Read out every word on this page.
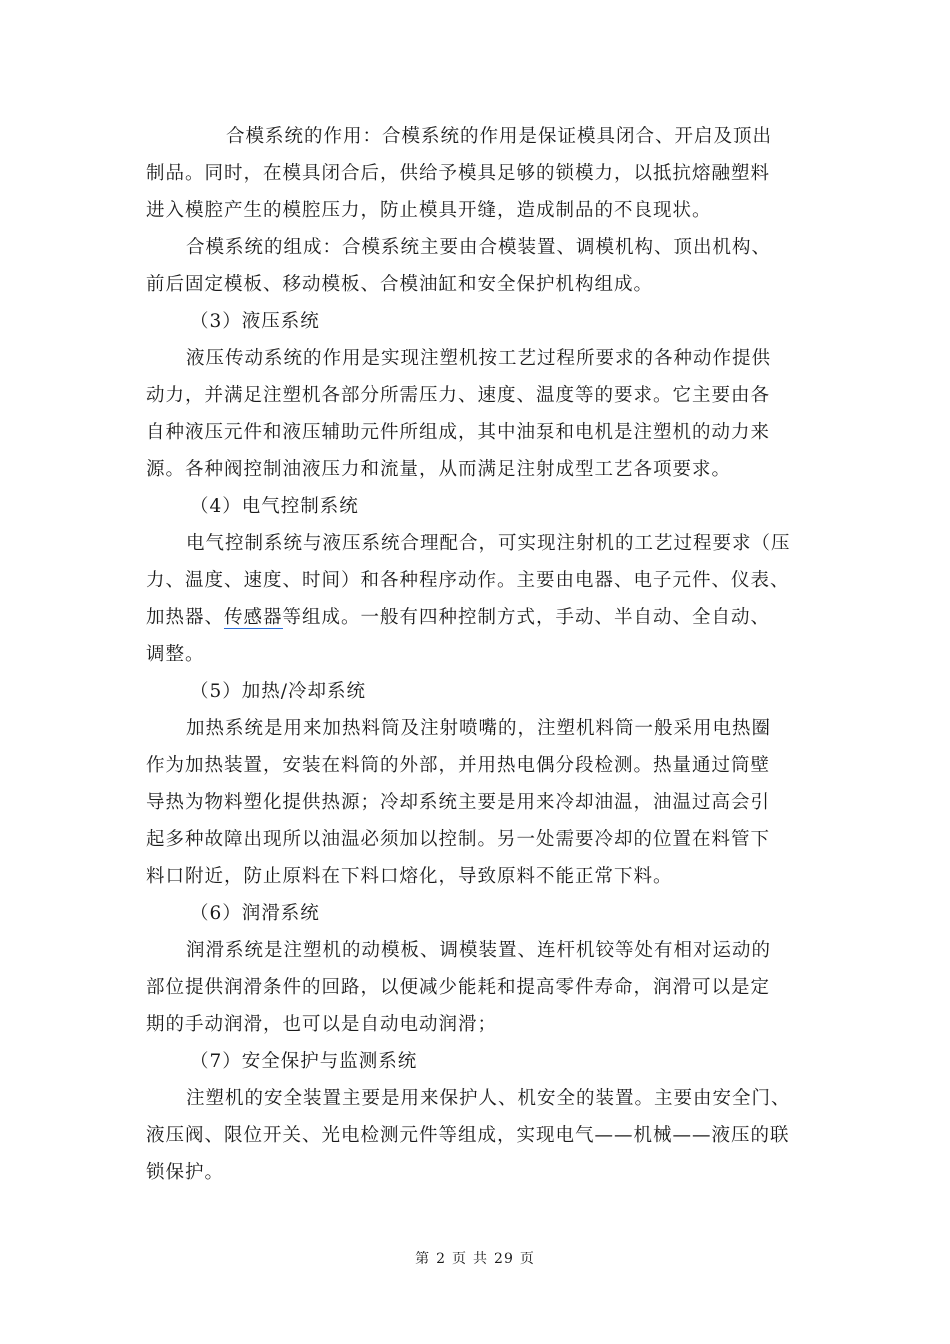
合模系统的作用：合模系统的作用是保证模具闭合、开启及顶出
制品。同时，在模具闭合后，供给予模具足够的锁模力，以抵抗熔融塑料
进入模腔产生的模腔压力，防止模具开缝，造成制品的不良现状。
合模系统的组成：合模系统主要由合模装置、调模机构、顶出机构、
前后固定模板、移动模板、合模油缸和安全保护机构组成。
（3）液压系统
液压传动系统的作用是实现注塑机按工艺过程所要求的各种动作提供
动力，并满足注塑机各部分所需压力、速度、温度等的要求。它主要由各
自种液压元件和液压辅助元件所组成，其中油泵和电机是注塑机的动力来
源。各种阀控制油液压力和流量，从而满足注射成型工艺各项要求。
（4）电气控制系统
电气控制系统与液压系统合理配合，可实现注射机的工艺过程要求（压
力、温度、速度、时间）和各种程序动作。主要由电器、电子元件、仪表、
加热器、传感器等组成。一般有四种控制方式，手动、半自动、全自动、
调整。
（5）加热/冷却系统
加热系统是用来加热料筒及注射喷嘴的，注塑机料筒一般采用电热圈
作为加热装置，安装在料筒的外部，并用热电偶分段检测。热量通过筒壁
导热为物料塑化提供热源；冷却系统主要是用来冷却油温，油温过高会引
起多种故障出现所以油温必须加以控制。另一处需要冷却的位置在料管下
料口附近，防止原料在下料口熔化，导致原料不能正常下料。
（6）润滑系统
润滑系统是注塑机的动模板、调模装置、连杆机铰等处有相对运动的
部位提供润滑条件的回路，以便减少能耗和提高零件寿命，润滑可以是定
期的手动润滑，也可以是自动电动润滑；
（7）安全保护与监测系统
注塑机的安全装置主要是用来保护人、机安全的装置。主要由安全门、
液压阀、限位开关、光电检测元件等组成，实现电气——机械——液压的联
锁保护。
第 2 页 共 29 页
